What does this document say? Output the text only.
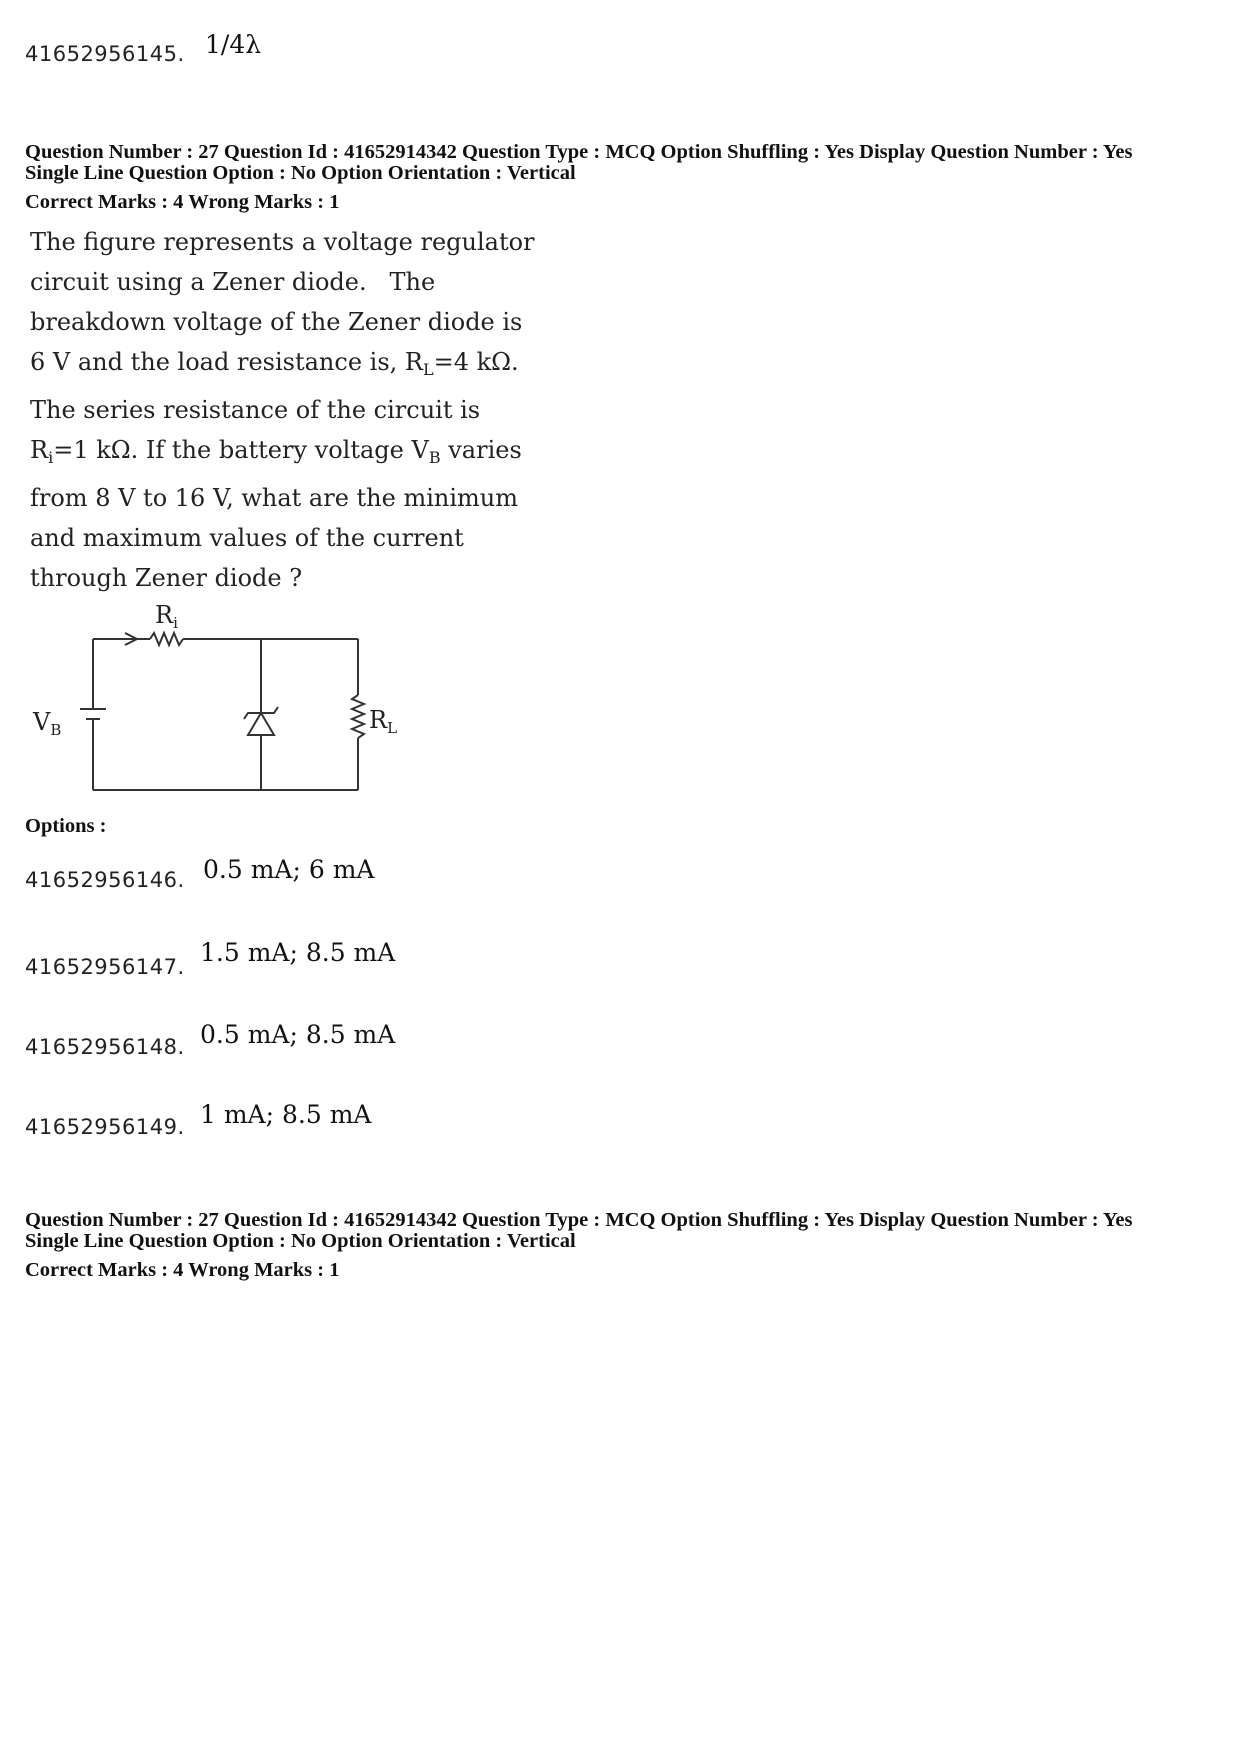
41652956145. 1/4λ
Question Number : 27 Question Id : 41652914342 Question Type : MCQ Option Shuffling : Yes Display Question Number : Yes
Single Line Question Option : No Option Orientation : Vertical
Correct Marks : 4 Wrong Marks : 1

The figure represents a voltage regulator

circuit using a Zener diode.   The

breakdown voltage of the Zener diode is

6 V and the load resistance is, $R_L=4$ kΩ.

The series resistance of the circuit is

$R_i=1$ kΩ. If the battery voltage $V_B$ varies

from 8 V to 16 V, what are the minimum

and maximum values of the current

through Zener diode ?

$R_i$
$V_B$	$R_L$
Options :
41652956146. 0.5 mA; 6 mA
41652956147. 1.5 mA; 8.5 mA
41652956148. 0.5 mA; 8.5 mA
41652956149. 1 mA; 8.5 mA
Question Number : 27 Question Id : 41652914342 Question Type : MCQ Option Shuffling : Yes Display Question Number : Yes
Single Line Question Option : No Option Orientation : Vertical
Correct Marks : 4 Wrong Marks : 1
